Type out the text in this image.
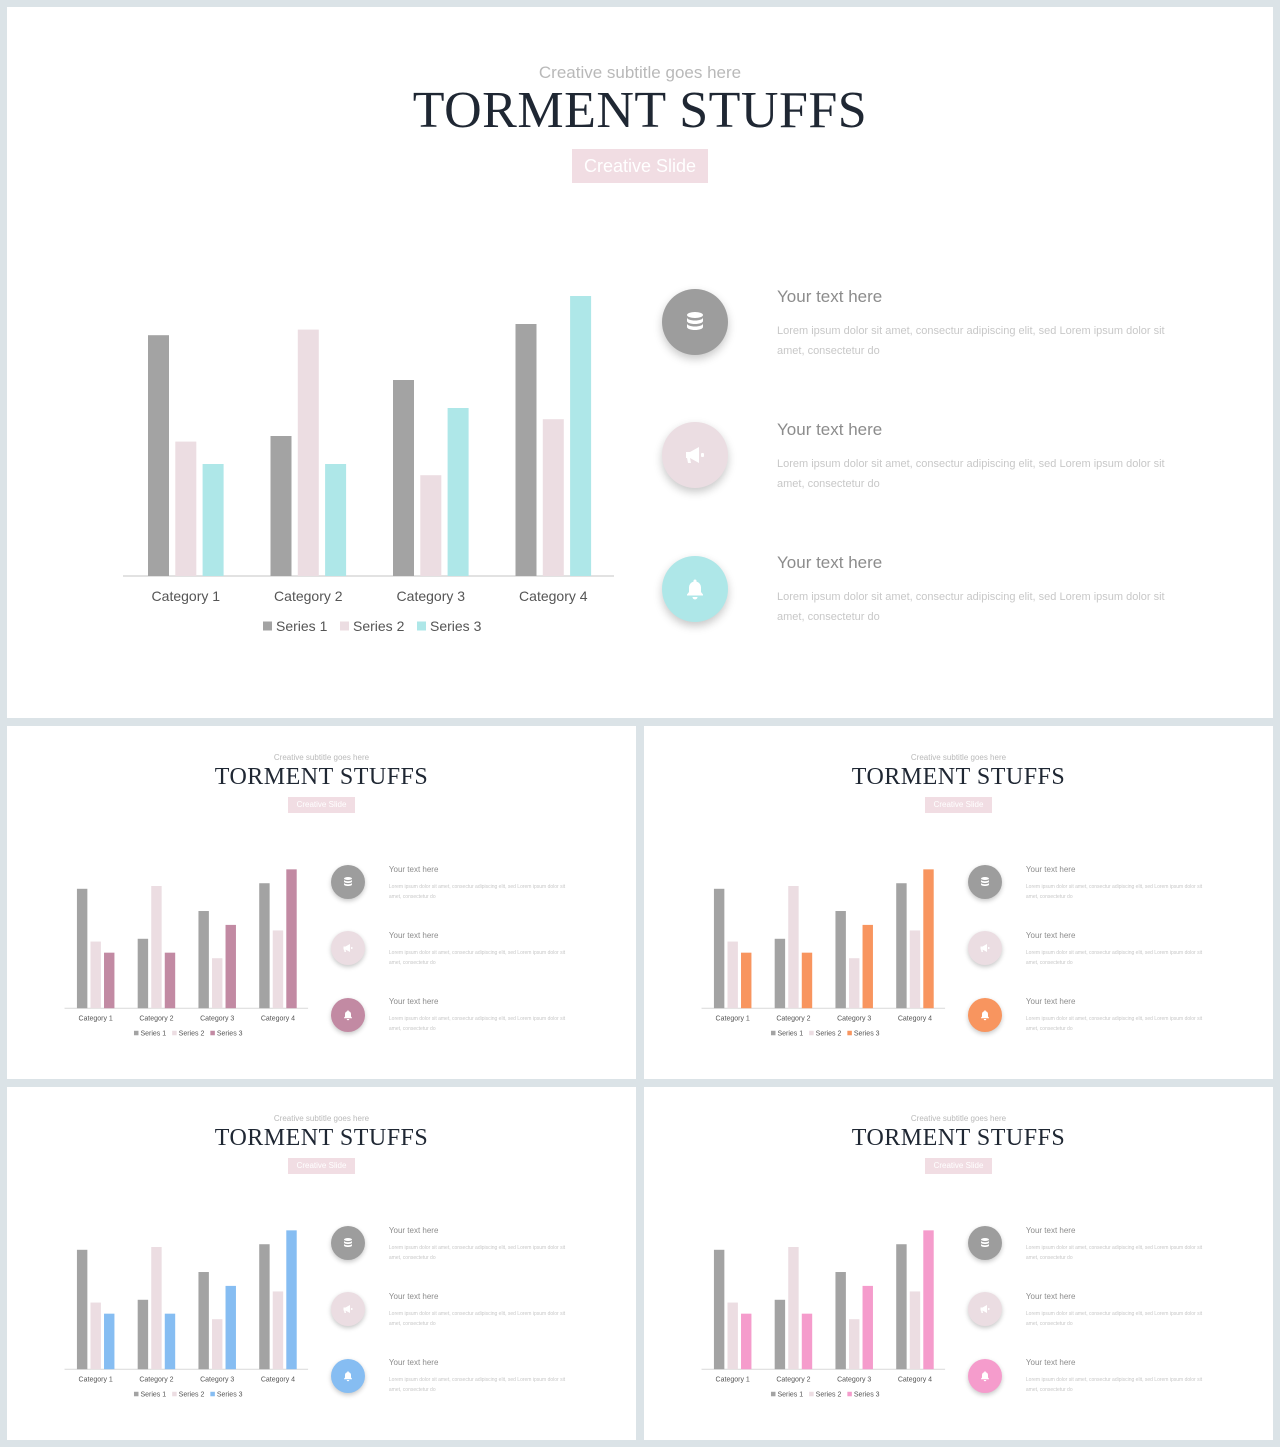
Creative subtitle goes here
TORMENT STUFFS
Creative Slide
Category 1	Category 2	Category 3	Category 4
Series 1 Series 2 Series 3
Your text here
Lorem ipsum dolor sit amet, consectur adipiscing elit, sed Lorem ipsum dolor sit amet, consectetur do
Your text here
Lorem ipsum dolor sit amet, consectur adipiscing elit, sed Lorem ipsum dolor sit amet, consectetur do
Your text here
Lorem ipsum dolor sit amet, consectur adipiscing elit, sed Lorem ipsum dolor sit amet, consectetur do
Creative subtitle goes here
TORMENT STUFFS
Creative Slide
Category 1	Category 2	Category 3	Category 4
Series 1 Series 2 Series 3
Your text here
Lorem ipsum dolor sit amet, consectur adipiscing elit, sed Lorem ipsum dolor sit amet, consectetur do
Your text here
Lorem ipsum dolor sit amet, consectur adipiscing elit, sed Lorem ipsum dolor sit amet, consectetur do
Your text here
Lorem ipsum dolor sit amet, consectur adipiscing elit, sed Lorem ipsum dolor sit amet, consectetur do
Creative subtitle goes here
TORMENT STUFFS
Creative Slide
Category 1	Category 2	Category 3	Category 4
Series 1 Series 2 Series 3
Your text here
Lorem ipsum dolor sit amet, consectur adipiscing elit, sed Lorem ipsum dolor sit amet, consectetur do
Your text here
Lorem ipsum dolor sit amet, consectur adipiscing elit, sed Lorem ipsum dolor sit amet, consectetur do
Your text here
Lorem ipsum dolor sit amet, consectur adipiscing elit, sed Lorem ipsum dolor sit amet, consectetur do
Creative subtitle goes here
TORMENT STUFFS
Creative Slide
Category 1	Category 2	Category 3	Category 4
Series 1 Series 2 Series 3
Your text here
Lorem ipsum dolor sit amet, consectur adipiscing elit, sed Lorem ipsum dolor sit amet, consectetur do
Your text here
Lorem ipsum dolor sit amet, consectur adipiscing elit, sed Lorem ipsum dolor sit amet, consectetur do
Your text here
Lorem ipsum dolor sit amet, consectur adipiscing elit, sed Lorem ipsum dolor sit amet, consectetur do
Creative subtitle goes here
TORMENT STUFFS
Creative Slide
Category 1	Category 2	Category 3	Category 4
Series 1 Series 2 Series 3
Your text here
Lorem ipsum dolor sit amet, consectur adipiscing elit, sed Lorem ipsum dolor sit amet, consectetur do
Your text here
Lorem ipsum dolor sit amet, consectur adipiscing elit, sed Lorem ipsum dolor sit amet, consectetur do
Your text here
Lorem ipsum dolor sit amet, consectur adipiscing elit, sed Lorem ipsum dolor sit amet, consectetur do
